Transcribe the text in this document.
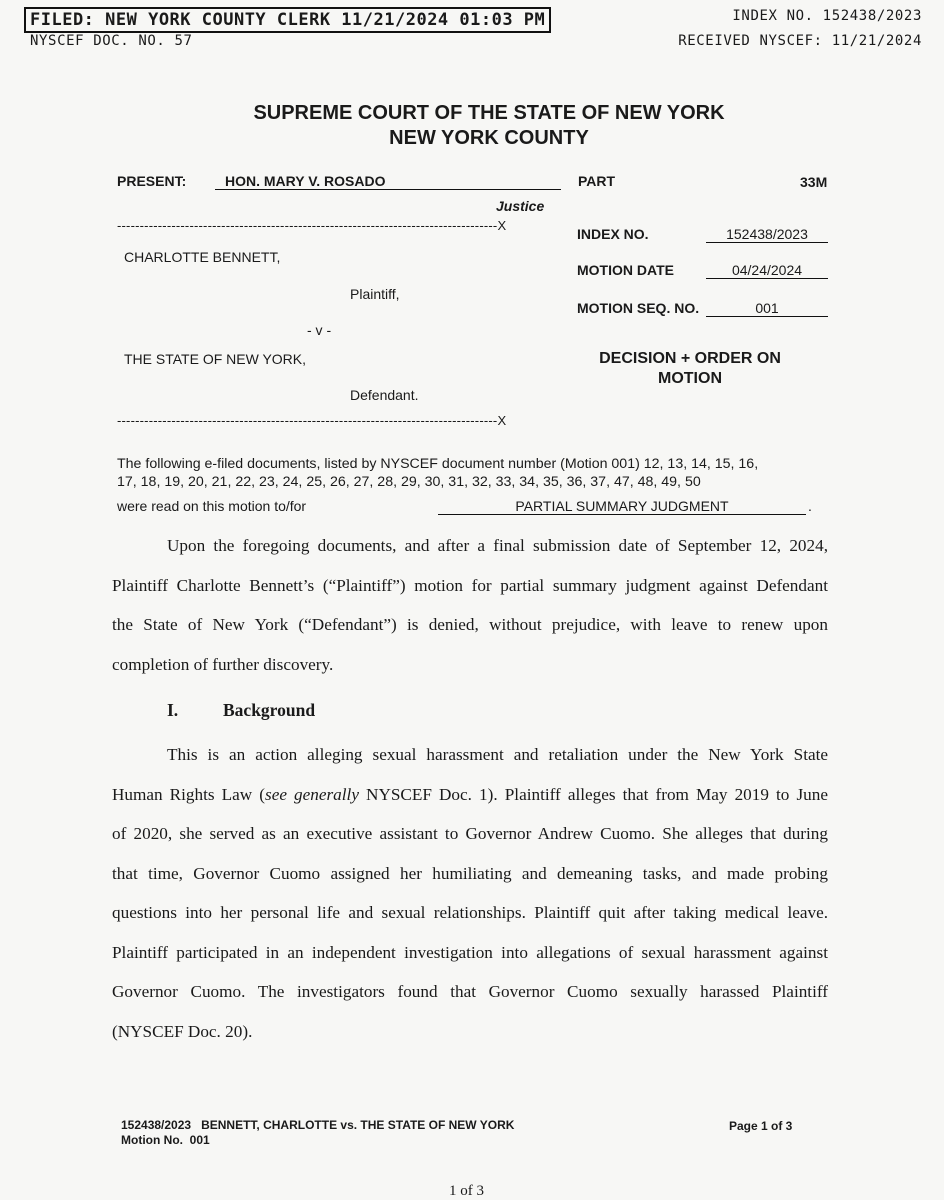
FILED: NEW YORK COUNTY CLERK 11/21/2024 01:03 PM	INDEX NO. 152438/2023
NYSCEF DOC. NO. 57	RECEIVED NYSCEF: 11/21/2024
SUPREME COURT OF THE STATE OF NEW YORK
NEW YORK COUNTY
PRESENT:	HON. MARY V. ROSADO
Justice
PART	33M
------------------------------------------------------------------------------------X
INDEX NO.	152438/2023
CHARLOTTE BENNETT,
MOTION DATE	04/24/2024
Plaintiff,
MOTION SEQ. NO.	001
- v -
THE STATE OF NEW YORK,	DECISION + ORDER ON
MOTION
Defendant.
------------------------------------------------------------------------------------X
The following e-filed documents, listed by NYSCEF document number (Motion 001) 12, 13, 14, 15, 16,
17, 18, 19, 20, 21, 22, 23, 24, 25, 26, 27, 28, 29, 30, 31, 32, 33, 34, 35, 36, 37, 47, 48, 49, 50
were read on this motion to/for	PARTIAL SUMMARY JUDGMENT	.
Upon the foregoing documents, and after a final submission date of September 12, 2024,
Plaintiff Charlotte Bennett’s (“Plaintiff”) motion for partial summary judgment against Defendant
the State of New York (“Defendant”) is denied, without prejudice, with leave to renew upon
completion of further discovery.
I.	Background
This is an action alleging sexual harassment and retaliation under the New York State
Human Rights Law (see generally NYSCEF Doc. 1). Plaintiff alleges that from May 2019 to June
of 2020, she served as an executive assistant to Governor Andrew Cuomo. She alleges that during
that time, Governor Cuomo assigned her humiliating and demeaning tasks, and made probing
questions into her personal life and sexual relationships. Plaintiff quit after taking medical leave.
Plaintiff participated in an independent investigation into allegations of sexual harassment against
Governor Cuomo. The investigators found that Governor Cuomo sexually harassed Plaintiff
(NYSCEF Doc. 20).
152438/2023   BENNETT, CHARLOTTE vs. THE STATE OF NEW YORK
Motion No.  001
Page 1 of 3
1 of 3
